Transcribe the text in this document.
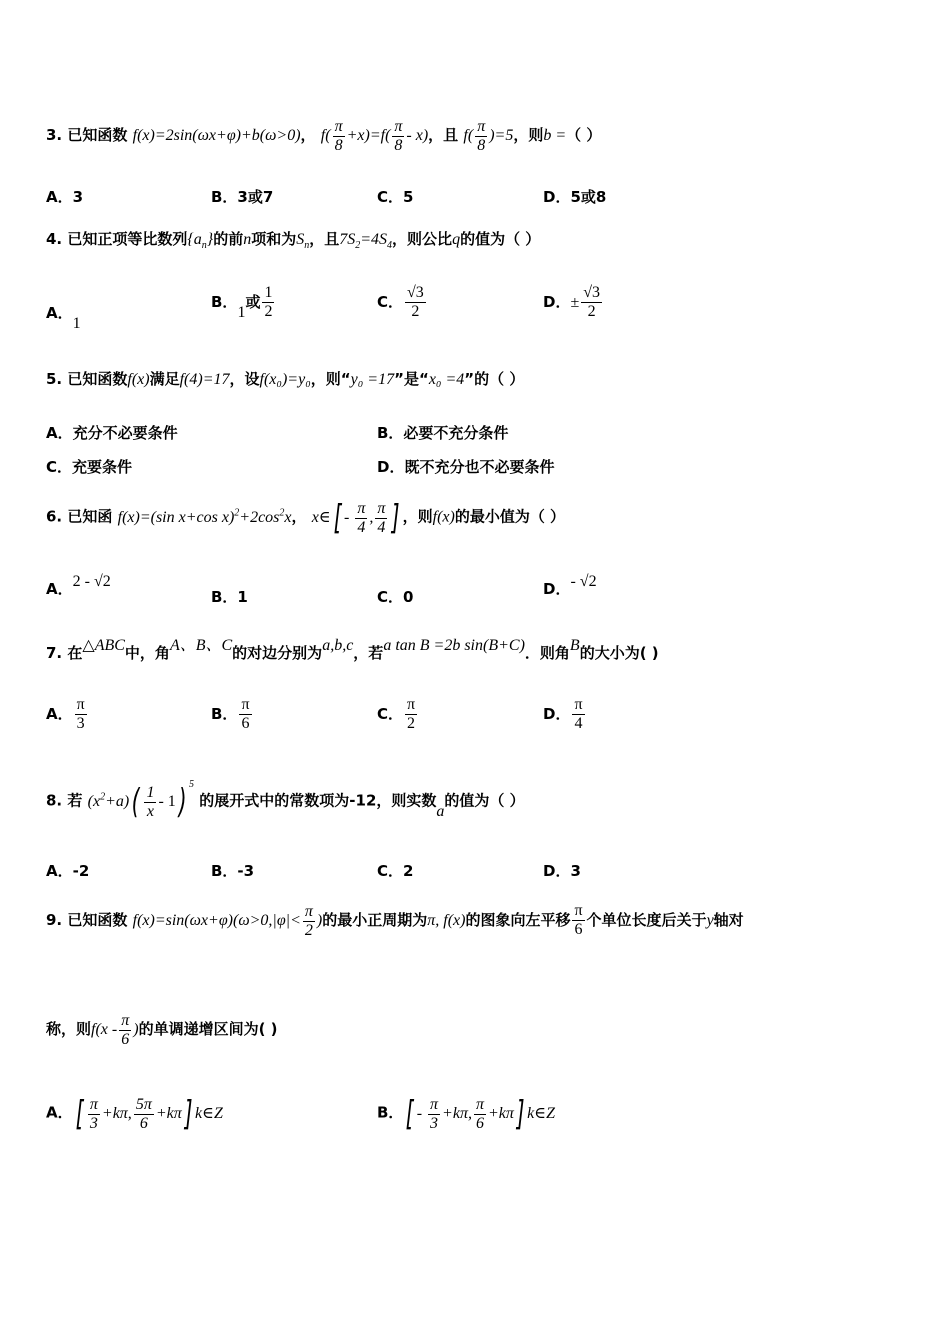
3. 已知函数 f(x)=2sin(ωx+φ)+b(ω>0)， $f( \frac{\pi}{8} +x)=f( \frac{\pi}{8} - x)$，且 $f( \frac{\pi}{8} )=5$，则b =（ ）
A．3	B．3或7	C．5	D．5或8
4. 已知正项等比数列$\{a_n\}$的前n项和为$S_n$，且$7S_2=4S_4$，则公比q的值为（ ）
A．1
B．1或 $\frac{1}{2}$	C． $\frac{√3}{2}$	D．± $\frac{√3}{2}$
5. 已知函数f(x)满足f(4)=17，设f(x₀)=y₀，则“y₀ =17”是“x₀ =4”的（ ）
A．充分不必要条件	B．必要不充分条件
C．充要条件	D．既不充分也不必要条件
6. 已知函 f(x)=(sin x+cos $x)^2+2\cos^2x$， x∈[ - $\frac{\pi}{4}$ , $\frac{\pi}{4}$ ] ，则f(x)的最小值为（ ）
A．2 - √2
B．1	C．0	D．- √2
7. 在△ABC中，角A、B、C的对边分别为a,b,c，若a tan B =2b sin(B+C)．则角B的大小为( )
A． $\frac{\pi}{3}$	B． $\frac{\pi}{6}$	C． $\frac{\pi}{2}$	D． $\frac{\pi}{4}$
8. 若 $(x^2+a)( \frac{1}{x} - 1)$ $^5$ 的展开式中的常数项为-12，则实数a的值为（ ）
A．-2	B．-3	C．2	D．3
9. 已知函数 $f(x)=\sin(\omega x+\varphi)(\omega>0,|\varphi|< \frac{\pi}{2}$ )的最小正周期为π, f(x)的图象向左平移 $\frac{\pi}{6}$ 个单位长度后关于y轴对
称，则$f(x - \frac{\pi}{6}$ )的单调递增区间为( )
A．[ $\frac{\pi}{3} +k\pi$, $\frac{5\pi}{6} +k\pi$] k∈Z	B．[ - $\frac{\pi}{3} +k\pi$, $\frac{\pi}{6} +k\pi$] k∈Z
